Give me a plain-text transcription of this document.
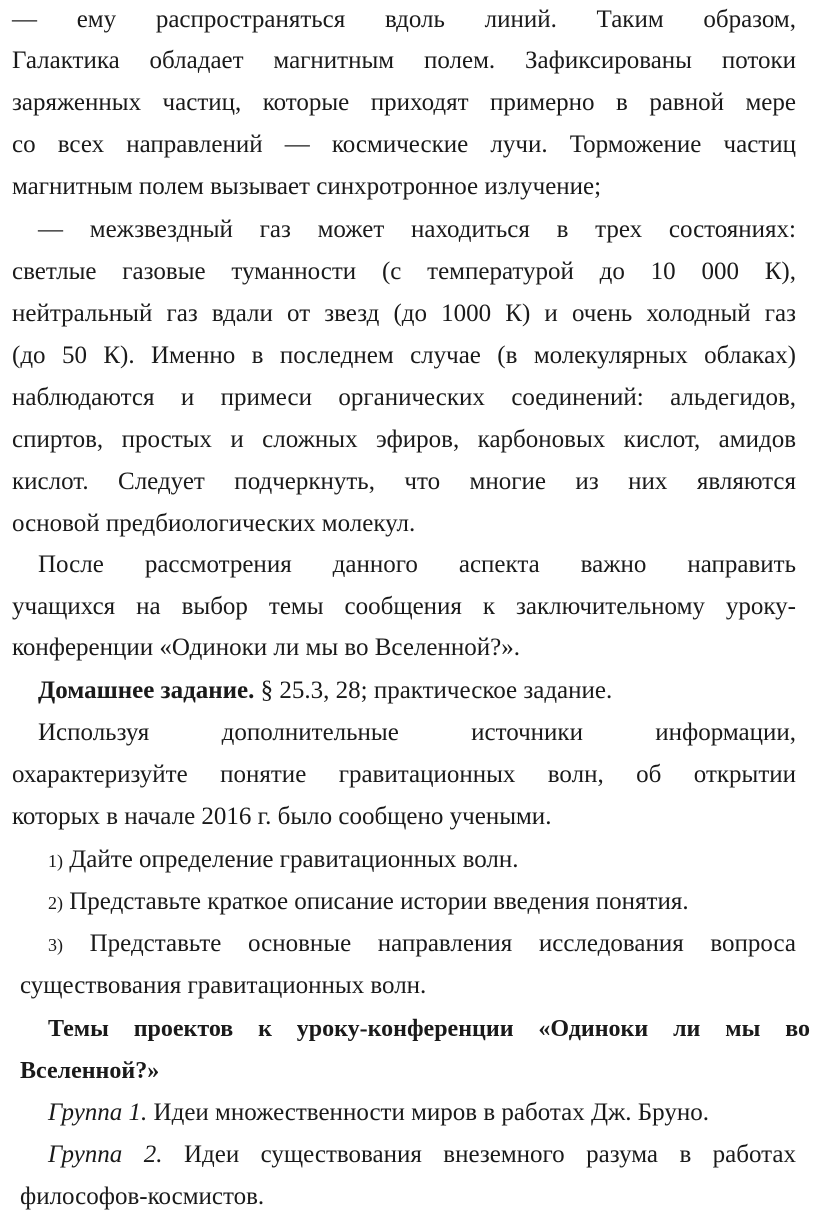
— ему распространяться вдоль линий. Таким образом,
Галактика обладает магнитным полем. Зафиксированы потоки
заряженных частиц, которые приходят примерно в равной мере
со всех направлений — космические лучи. Торможение частиц
магнитным полем вызывает синхротронное излучение;
— межзвездный газ может находиться в трех состояниях:
светлые газовые туманности (с температурой до 10 000 К),
нейтральный газ вдали от звезд (до 1000 К) и очень холодный газ
(до 50 К). Именно в последнем случае (в молекулярных облаках)
наблюдаются и примеси органических соединений: альдегидов,
спиртов, простых и сложных эфиров, карбоновых кислот, амидов
кислот. Следует подчеркнуть, что многие из них являются
основой предбиологических молекул.
После рассмотрения данного аспекта важно направить
учащихся на выбор темы сообщения к заключительному уроку-
конференции «Одиноки ли мы во Вселенной?».
Домашнее задание. § 25.3, 28; практическое задание.
Используя дополнительные источники информации,
охарактеризуйте понятие гравитационных волн, об открытии
которых в начале 2016 г. было сообщено учеными.
1) Дайте определение гравитационных волн.
2) Представьте краткое описание истории введения понятия.
3) Представьте основные направления исследования вопроса
существования гравитационных волн.
Темы проектов к уроку-конференции «Одиноки ли мы во
Вселенной?»
Группа 1. Идеи множественности миров в работах Дж. Бруно.
Группа 2. Идеи существования внеземного разума в работах
философов-космистов.
